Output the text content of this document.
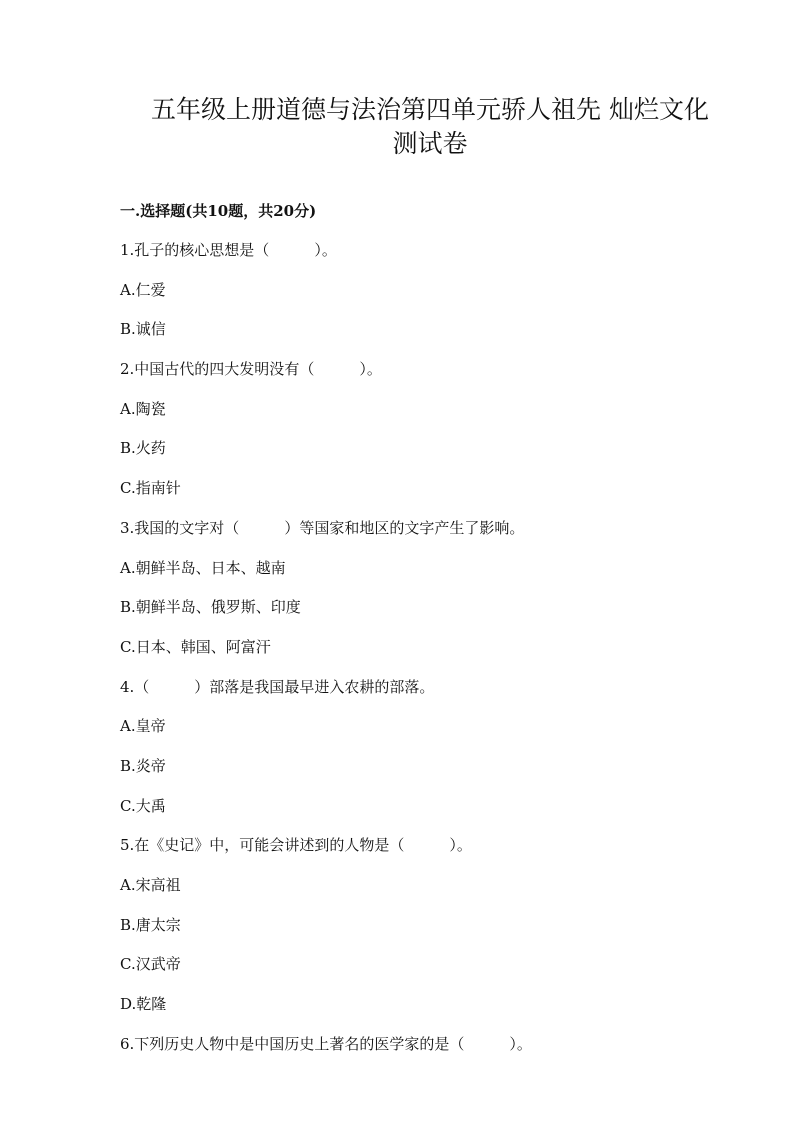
五年级上册道德与法治第四单元骄人祖先 灿烂文化
测试卷
一.选择题(共10题，共20分)

1.孔子的核心思想是（　　　）。

A.仁爱

B.诚信

2.中国古代的四大发明没有（　　　）。

A.陶瓷

B.火药

C.指南针

3.我国的文字对（　　　）等国家和地区的文字产生了影响。

A.朝鲜半岛、日本、越南

B.朝鲜半岛、俄罗斯、印度

C.日本、韩国、阿富汗

4.（　　　）部落是我国最早进入农耕的部落。

A.皇帝

B.炎帝

C.大禹

5.在《史记》中，可能会讲述到的人物是（　　　）。

A.宋高祖

B.唐太宗

C.汉武帝

D.乾隆

6.下列历史人物中是中国历史上著名的医学家的是（　　　）。
